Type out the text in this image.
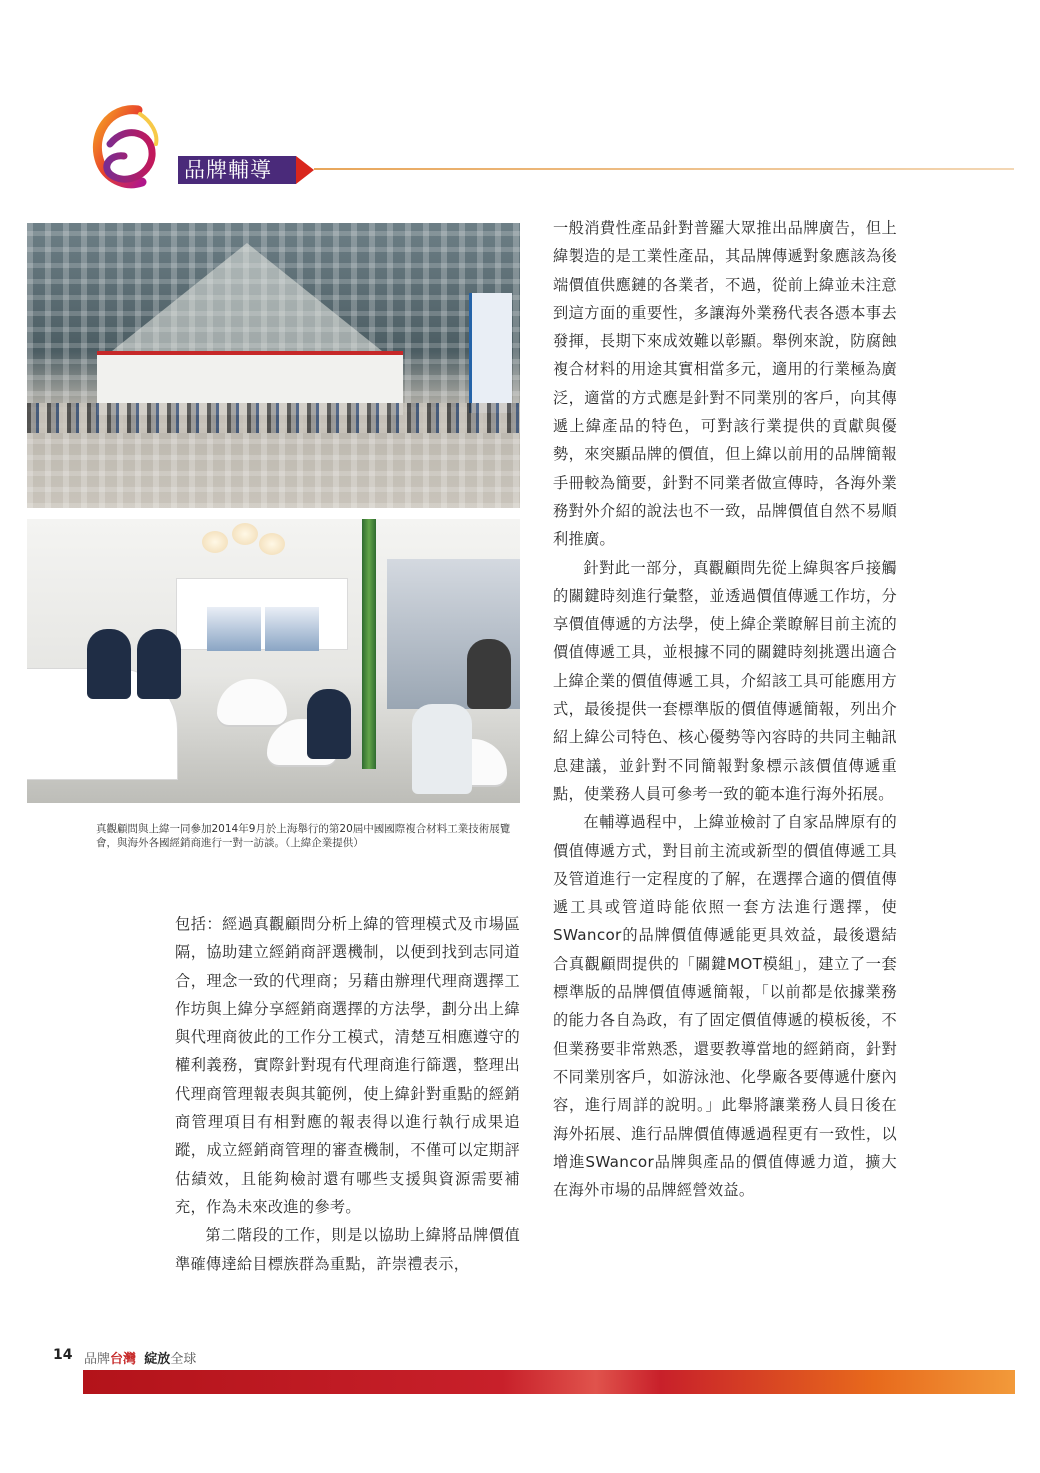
品牌輔導

真觀顧問與上緯一同參加2014年9月於上海舉行的第20屆中國國際複合材料工業技術展覽會，與海外各國經銷商進行一對一訪談。（上緯企業提供）

一般消費性產品針對普羅大眾推出品牌廣告，但上緯製造的是工業性產品，其品牌傳遞對象應該為後端價值供應鏈的各業者，不過，從前上緯並未注意到這方面的重要性，多讓海外業務代表各憑本事去發揮，長期下來成效難以彰顯。舉例來說，防腐蝕複合材料的用途其實相當多元，適用的行業極為廣泛，適當的方式應是針對不同業別的客戶，向其傳遞上緯產品的特色，可對該行業提供的貢獻與優勢，來突顯品牌的價值，但上緯以前用的品牌簡報手冊較為簡要，針對不同業者做宣傳時，各海外業務對外介紹的說法也不一致，品牌價值自然不易順利推廣。

針對此一部分，真觀顧問先從上緯與客戶接觸的關鍵時刻進行彙整，並透過價值傳遞工作坊，分享價值傳遞的方法學，使上緯企業瞭解目前主流的價值傳遞工具，並根據不同的關鍵時刻挑選出適合上緯企業的價值傳遞工具，介紹該工具可能應用方式，最後提供一套標準版的價值傳遞簡報，列出介紹上緯公司特色、核心優勢等內容時的共同主軸訊息建議，並針對不同簡報對象標示該價值傳遞重點，使業務人員可參考一致的範本進行海外拓展。

在輔導過程中，上緯並檢討了自家品牌原有的價值傳遞方式，對目前主流或新型的價值傳遞工具及管道進行一定程度的了解，在選擇合適的價值傳遞工具或管道時能依照一套方法進行選擇，使SWancor的品牌價值傳遞能更具效益，最後還結合真觀顧問提供的「關鍵MOT模組」，建立了一套標準版的品牌價值傳遞簡報，「以前都是依據業務的能力各自為政，有了固定價值傳遞的模板後，不但業務要非常熟悉，還要教導當地的經銷商，針對不同業別客戶，如游泳池、化學廠各要傳遞什麼內容，進行周詳的說明。」此舉將讓業務人員日後在海外拓展、進行品牌價值傳遞過程更有一致性，以增進SWancor品牌與產品的價值傳遞力道，擴大在海外市場的品牌經營效益。

包括：經過真觀顧問分析上緯的管理模式及市場區隔，協助建立經銷商評選機制，以便到找到志同道合，理念一致的代理商；另藉由辦理代理商選擇工作坊與上緯分享經銷商選擇的方法學，劃分出上緯與代理商彼此的工作分工模式，清楚互相應遵守的權利義務，實際針對現有代理商進行篩選，整理出代理商管理報表與其範例，使上緯針對重點的經銷商管理項目有相對應的報表得以進行執行成果追蹤，成立經銷商管理的審查機制，不僅可以定期評估績效，且能夠檢討還有哪些支援與資源需要補充，作為未來改進的參考。

第二階段的工作，則是以協助上緯將品牌價值準確傳達給目標族群為重點，許崇禮表示，

14 品牌台灣 綻放全球
